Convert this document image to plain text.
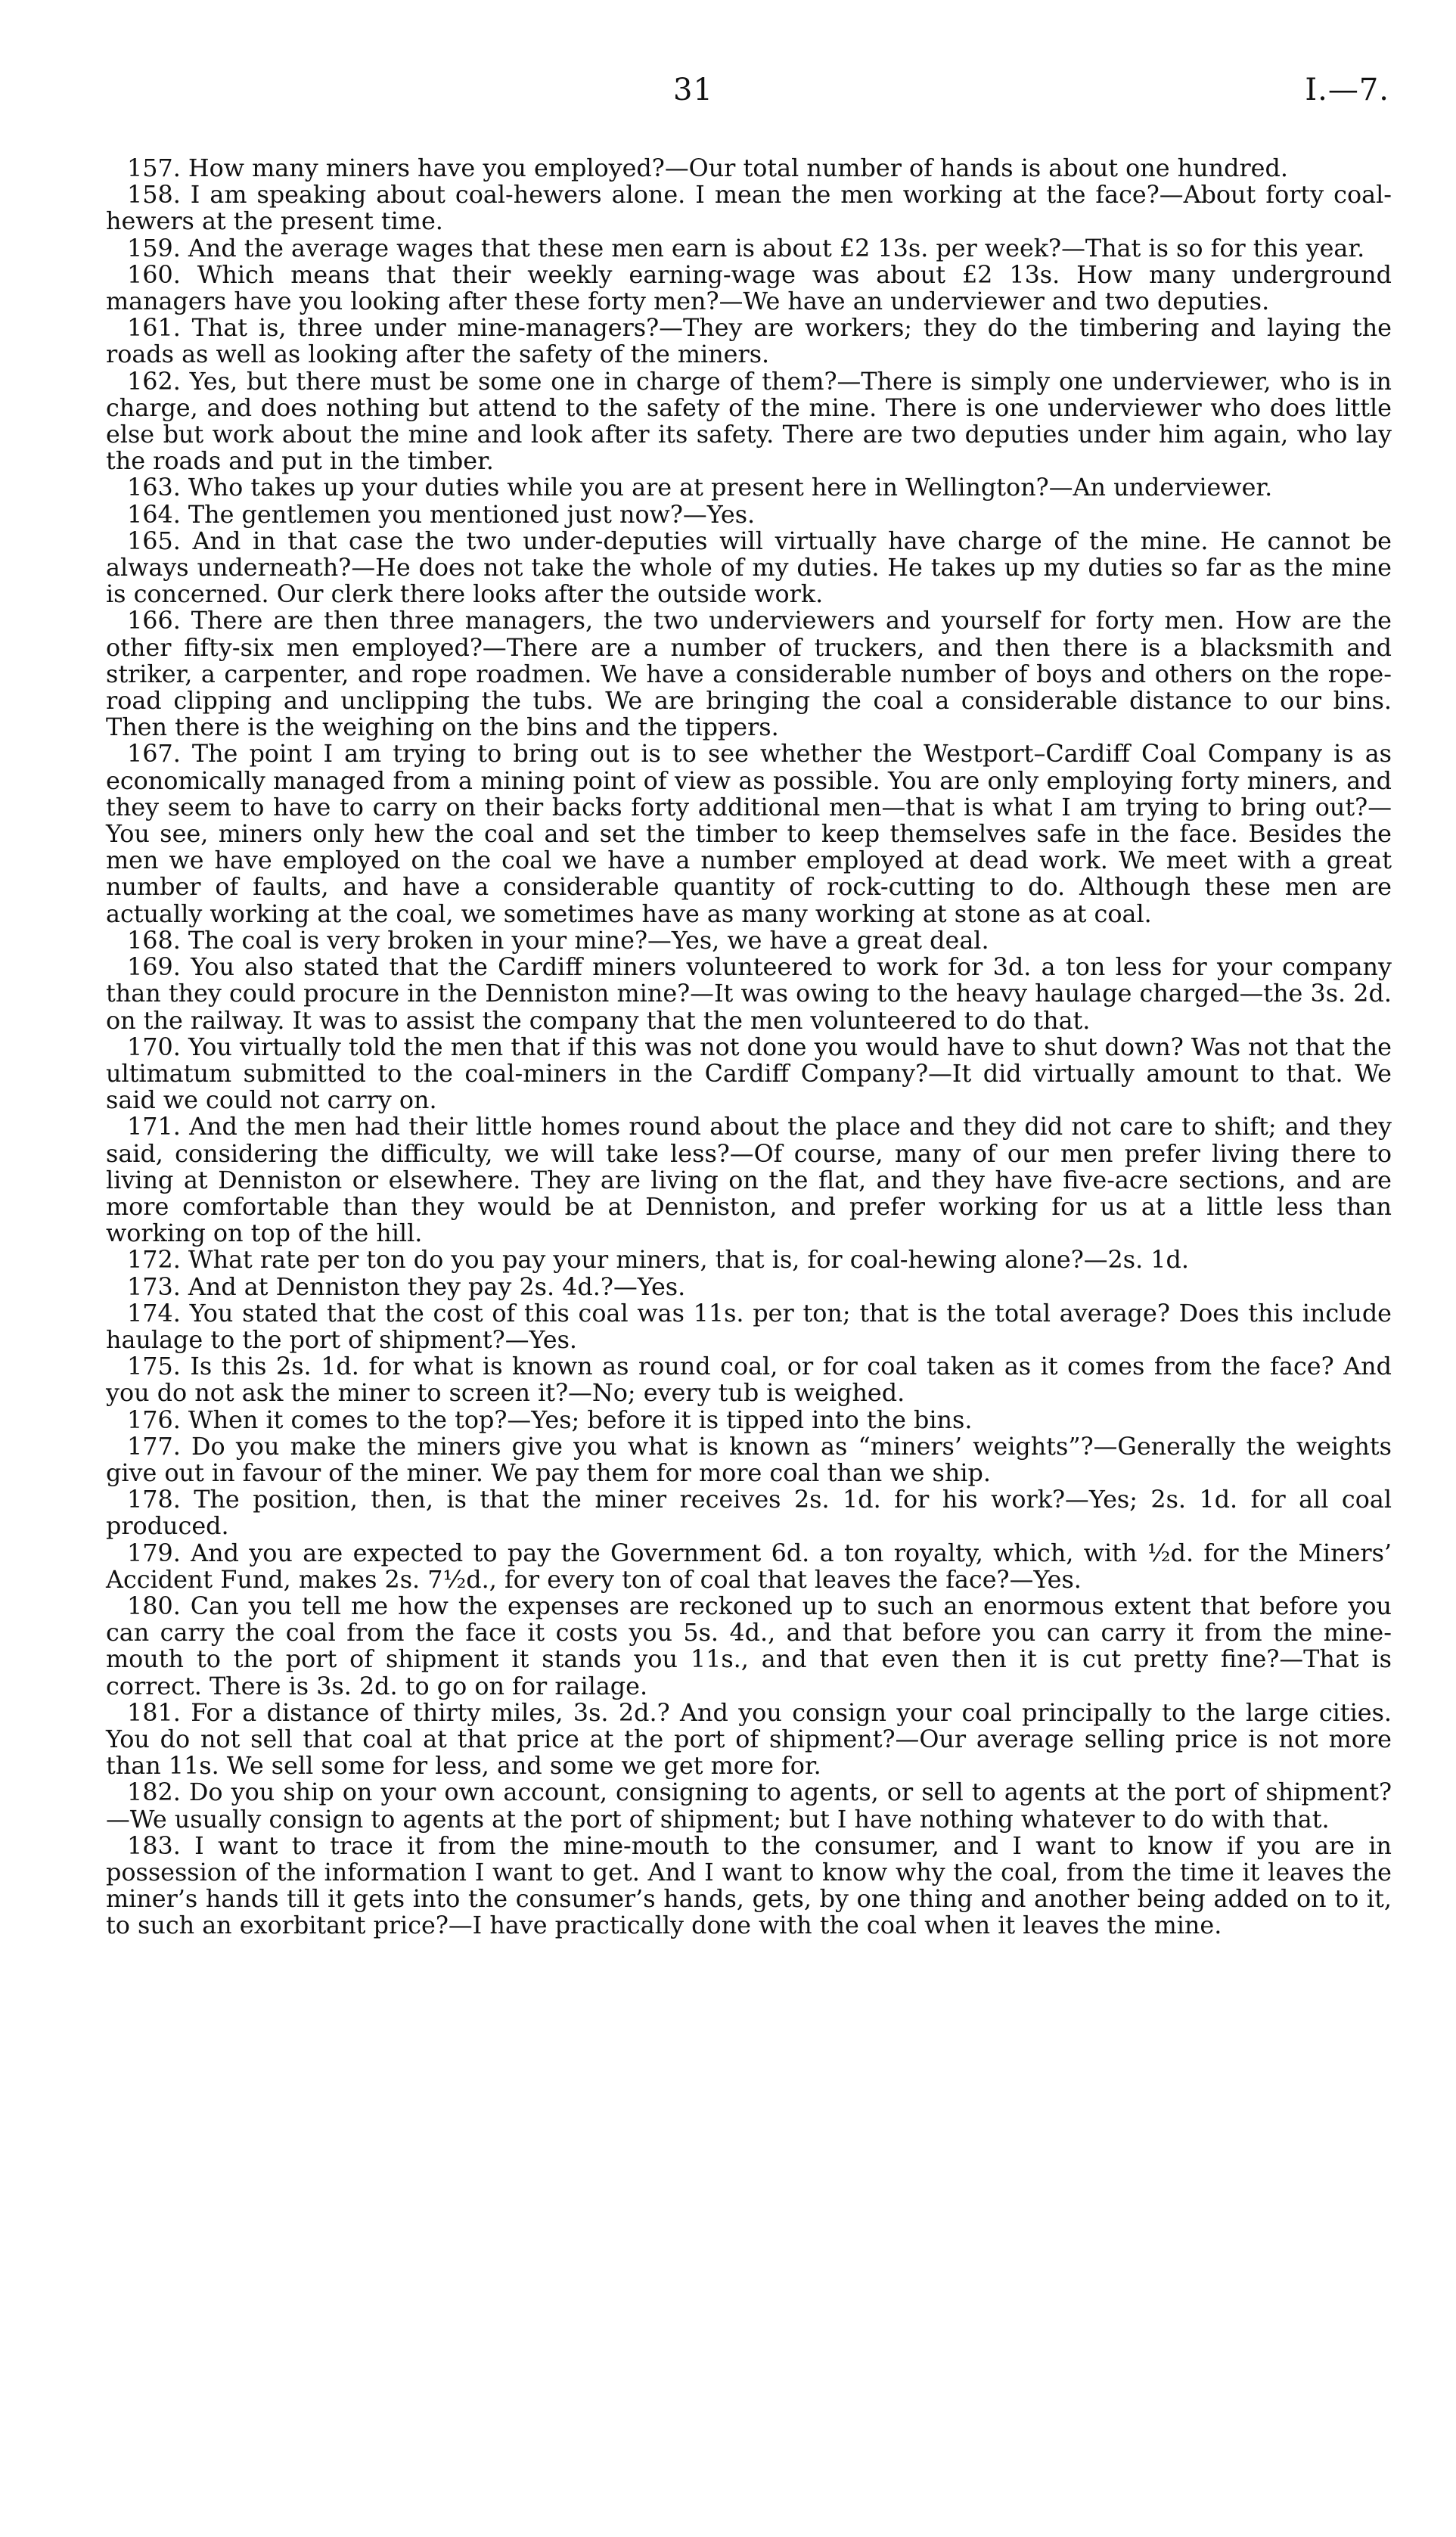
31	I.—7.

157. How many miners have you employed?—Our total number of hands is about one hundred.

158. I am speaking about coal-hewers alone. I mean the men working at the face?—About forty coal-hewers at the present time.

159. And the average wages that these men earn is about £2 13s. per week?—That is so for this year.

160. Which means that their weekly earning-wage was about £2 13s. How many underground managers have you looking after these forty men?—We have an underviewer and two deputies.

161. That is, three under mine-managers?—They are workers; they do the timbering and laying the roads as well as looking after the safety of the miners.

162. Yes, but there must be some one in charge of them?—There is simply one underviewer, who is in charge, and does nothing but attend to the safety of the mine. There is one underviewer who does little else but work about the mine and look after its safety. There are two deputies under him again, who lay the roads and put in the timber.

163. Who takes up your duties while you are at present here in Wellington?—An underviewer.

164. The gentlemen you mentioned just now?—Yes.

165. And in that case the two under-deputies will virtually have charge of the mine. He cannot be always underneath?—He does not take the whole of my duties. He takes up my duties so far as the mine is concerned. Our clerk there looks after the outside work.

166. There are then three managers, the two underviewers and yourself for forty men. How are the other fifty-six men employed?—There are a number of truckers, and then there is a blacksmith and striker, a carpenter, and rope roadmen. We have a considerable number of boys and others on the rope-road clipping and unclipping the tubs. We are bringing the coal a considerable distance to our bins. Then there is the weighing on the bins and the tippers.

167. The point I am trying to bring out is to see whether the Westport–Cardiff Coal Company is as economically managed from a mining point of view as possible. You are only employing forty miners, and they seem to have to carry on their backs forty additional men—that is what I am trying to bring out?—You see, miners only hew the coal and set the timber to keep themselves safe in the face. Besides the men we have employed on the coal we have a number employed at dead work. We meet with a great number of faults, and have a considerable quantity of rock-cutting to do. Although these men are actually working at the coal, we sometimes have as many working at stone as at coal.

168. The coal is very broken in your mine?—Yes, we have a great deal.

169. You also stated that the Cardiff miners volunteered to work for 3d. a ton less for your company than they could procure in the Denniston mine?—It was owing to the heavy haulage charged—the 3s. 2d. on the railway. It was to assist the company that the men volunteered to do that.

170. You virtually told the men that if this was not done you would have to shut down? Was not that the ultimatum submitted to the coal-miners in the Cardiff Company?—It did virtually amount to that. We said we could not carry on.

171. And the men had their little homes round about the place and they did not care to shift; and they said, considering the difficulty, we will take less?—Of course, many of our men prefer living there to living at Denniston or elsewhere. They are living on the flat, and they have five-acre sections, and are more comfortable than they would be at Denniston, and prefer working for us at a little less than working on top of the hill.

172. What rate per ton do you pay your miners, that is, for coal-hewing alone?—2s. 1d.

173. And at Denniston they pay 2s. 4d.?—Yes.

174. You stated that the cost of this coal was 11s. per ton; that is the total average? Does this include haulage to the port of shipment?—Yes.

175. Is this 2s. 1d. for what is known as round coal, or for coal taken as it comes from the face? And you do not ask the miner to screen it?—No; every tub is weighed.

176. When it comes to the top?—Yes; before it is tipped into the bins.

177. Do you make the miners give you what is known as “miners’ weights”?—Generally the weights give out in favour of the miner. We pay them for more coal than we ship.

178. The position, then, is that the miner receives 2s. 1d. for his work?—Yes; 2s. 1d. for all coal produced.

179. And you are expected to pay the Government 6d. a ton royalty, which, with ½d. for the Miners’ Accident Fund, makes 2s. 7½d., for every ton of coal that leaves the face?—Yes.

180. Can you tell me how the expenses are reckoned up to such an enormous extent that before you can carry the coal from the face it costs you 5s. 4d., and that before you can carry it from the mine-mouth to the port of shipment it stands you 11s., and that even then it is cut pretty fine?—That is correct. There is 3s. 2d. to go on for railage.

181. For a distance of thirty miles, 3s. 2d.? And you consign your coal principally to the large cities. You do not sell that coal at that price at the port of shipment?—Our average selling price is not more than 11s. We sell some for less, and some we get more for.

182. Do you ship on your own account, consigning to agents, or sell to agents at the port of shipment?—We usually consign to agents at the port of shipment; but I have nothing whatever to do with that.

183. I want to trace it from the mine-mouth to the consumer, and I want to know if you are in possession of the information I want to get. And I want to know why the coal, from the time it leaves the miner’s hands till it gets into the consumer’s hands, gets, by one thing and another being added on to it, to such an exorbitant price?—I have practically done with the coal when it leaves the mine.
